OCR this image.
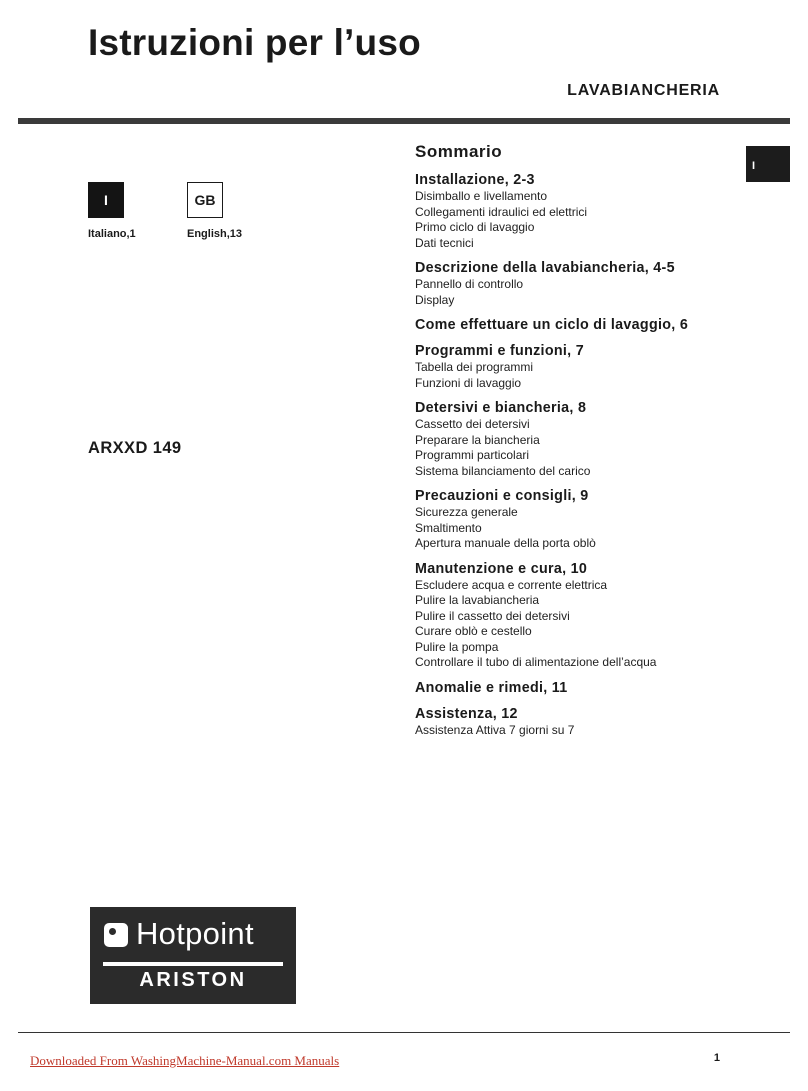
Istruzioni per l’uso
LAVABIANCHERIA
I
Italiano,1
GB
English,13
ARXXD 149
I
Sommario
Installazione, 2-3
Disimballo e livellamento
Collegamenti idraulici ed elettrici
Primo ciclo di lavaggio
Dati tecnici
Descrizione della lavabiancheria, 4-5
Pannello di controllo
Display
Come effettuare un ciclo di lavaggio, 6
Programmi e funzioni, 7
Tabella dei programmi
Funzioni di lavaggio
Detersivi e biancheria, 8
Cassetto dei detersivi
Preparare la biancheria
Programmi particolari
Sistema bilanciamento del carico
Precauzioni e consigli, 9
Sicurezza generale
Smaltimento
Apertura manuale della porta oblò
Manutenzione e cura, 10
Escludere acqua e corrente elettrica
Pulire la lavabiancheria
Pulire il cassetto dei detersivi
Curare oblò e cestello
Pulire la pompa
Controllare il tubo di alimentazione dell’acqua
Anomalie e rimedi, 11
Assistenza, 12
Assistenza Attiva 7 giorni su 7
Hotpoint
ARISTON
Downloaded From WashingMachine-Manual.com Manuals	1
